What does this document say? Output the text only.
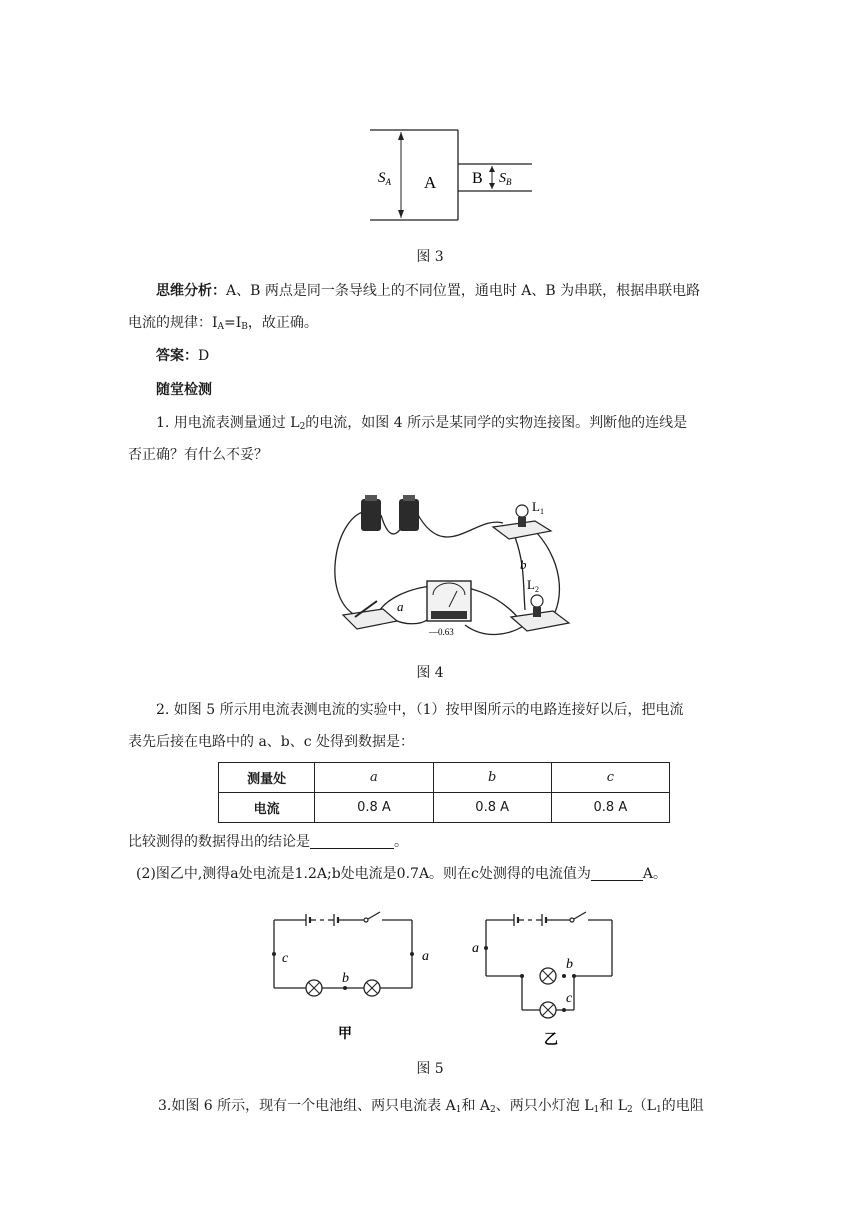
$S_A$ A B $S_B$
图 3

思维分析：A、B 两点是同一条导线上的不同位置，通电时 A、B 为串联，根据串联电路

电流的规律：$I_A=I_B$，故正确。

答案：D

随堂检测

1. 用电流表测量通过 $L_2$的电流，如图 4 所示是某同学的实物连接图。判断他的连线是

否正确？有什么不妥？

$L_1$
b
$L_2$
a
—0.63
图 4

2. 如图 5 所示用电流表测电流的实验中，（1）按甲图所示的电路连接好以后，把电流

表先后接在电路中的 a、b、c 处得到数据是：

测量处	a	b	c
电流	0.8 A	0.8 A	0.8 A

比较测得的数据得出的结论是	。

(2)图乙中,测得a处电流是1.2A;b处电流是0.7A。则在c处测得的电流值为	A。

c	a
b
甲
a
b
c
乙
图 5

3.如图 6 所示，现有一个电池组、两只电流表 $A_1$和 $A_2$、两只小灯泡 $L_1$和 $L_2(L_1$的电阻
